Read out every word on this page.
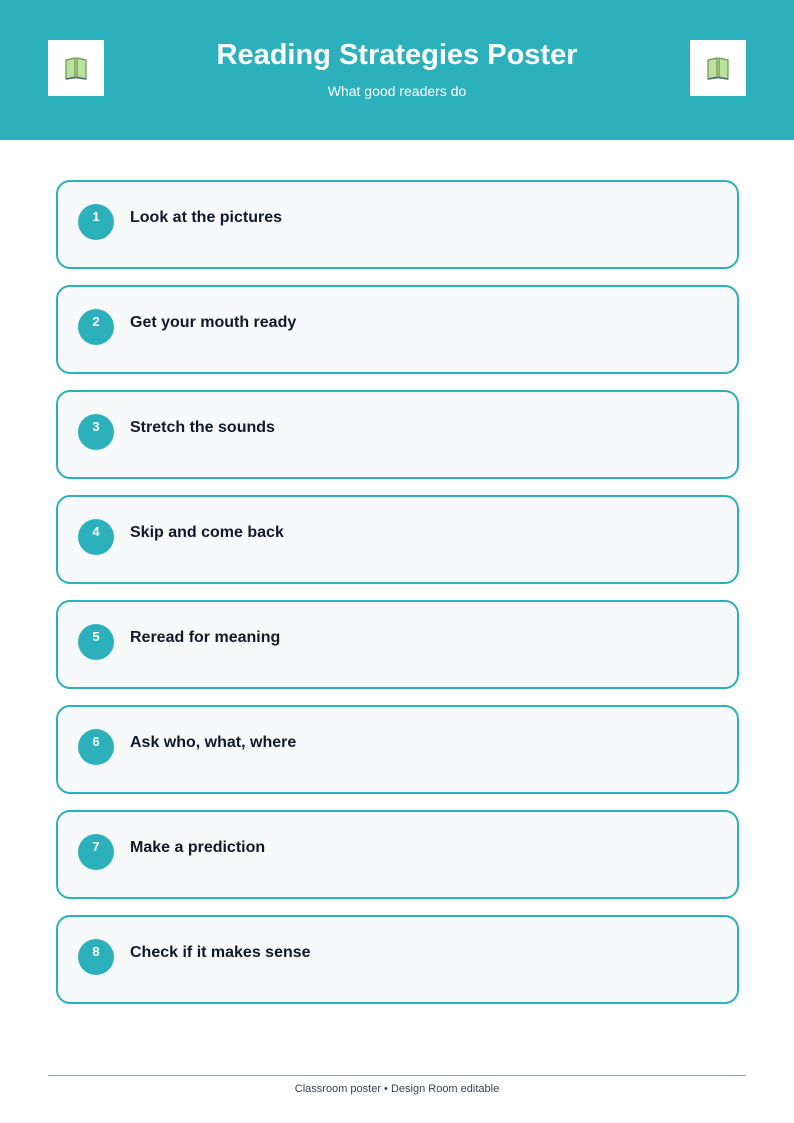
Reading Strategies Poster
What good readers do
1	Look at the pictures
2	Get your mouth ready
3	Stretch the sounds
4	Skip and come back
5	Reread for meaning
6	Ask who, what, where
7	Make a prediction
8	Check if it makes sense
Classroom poster • Design Room editable
